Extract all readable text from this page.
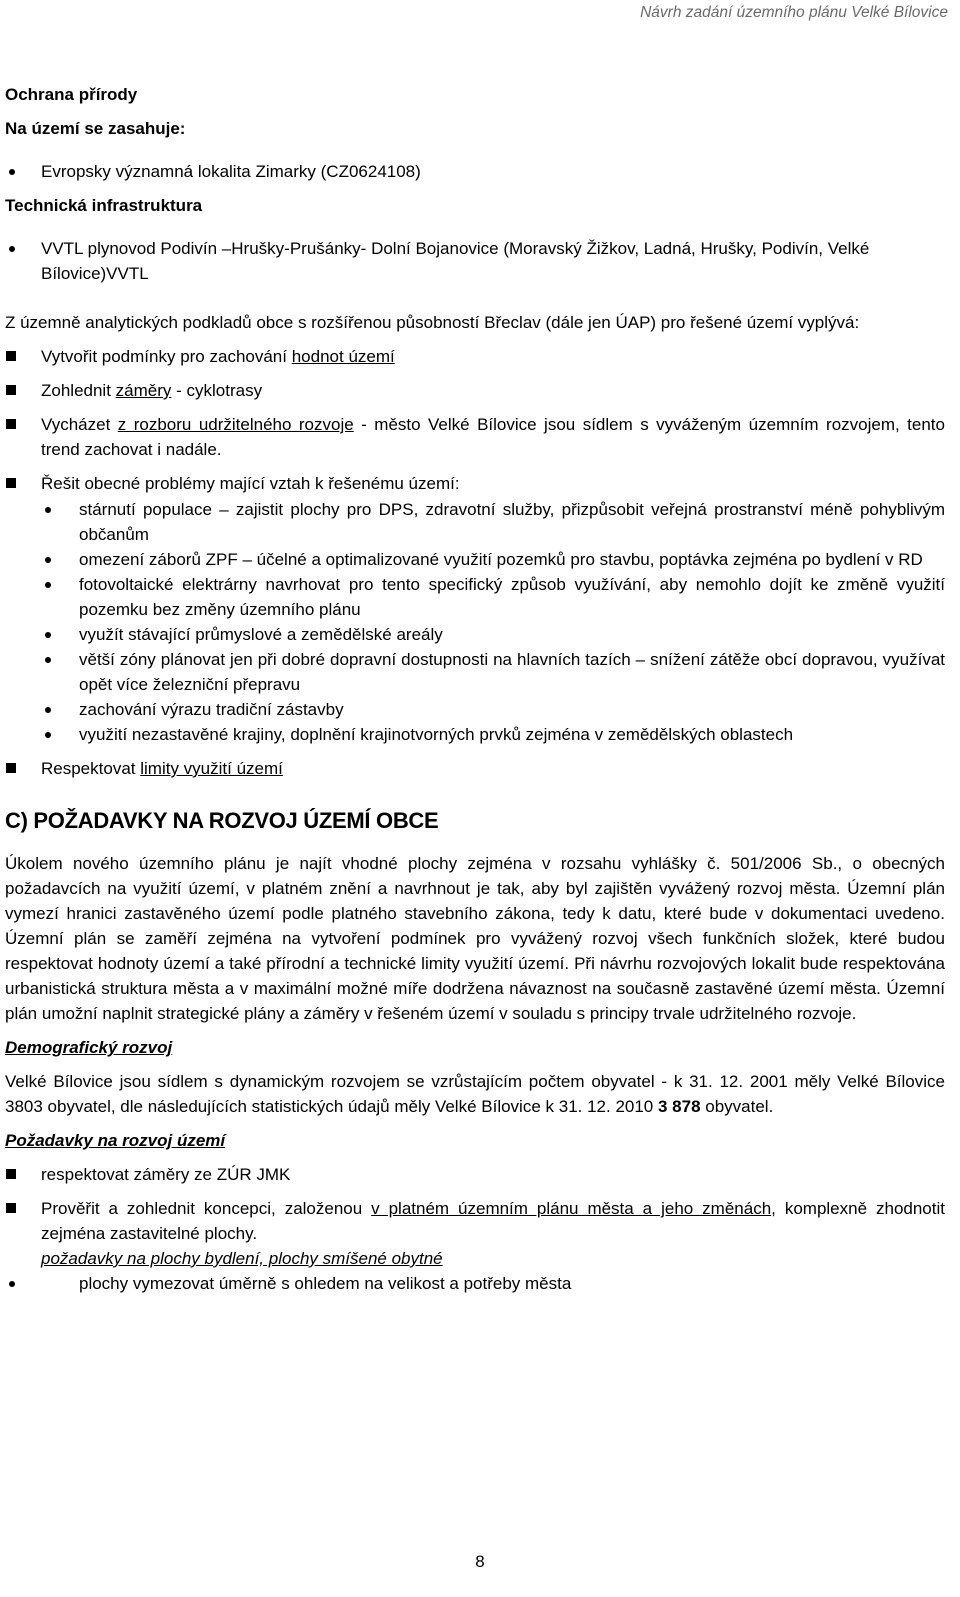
Návrh zadání územního plánu Velké Bílovice
Ochrana přírody
Na území se zasahuje:
Evropsky významná lokalita Zimarky (CZ0624108)
Technická infrastruktura
VVTL plynovod Podivín –Hrušky-Prušánky- Dolní Bojanovice (Moravský Žižkov, Ladná, Hrušky, Podivín, Velké Bílovice)VVTL
Z územně analytických podkladů obce s rozšířenou působností Břeclav (dále jen ÚAP) pro řešené území vyplývá:
Vytvořit podmínky pro zachování hodnot území
Zohlednit záměry - cyklotrasy
Vycházet z rozboru udržitelného rozvoje - město Velké Bílovice jsou sídlem s vyváženým územním rozvojem, tento trend zachovat i nadále.
Řešit obecné problémy mající vztah k řešenému území:
stárnutí populace – zajistit plochy pro DPS, zdravotní služby, přizpůsobit veřejná prostranství méně pohyblivým občanům
omezení záborů ZPF – účelné a optimalizované využití pozemků pro stavbu, poptávka zejména po bydlení v RD
fotovoltaické elektrárny navrhovat pro tento specifický způsob využívání, aby nemohlo dojít ke změně využití pozemku bez změny územního plánu
využít stávající průmyslové a zemědělské areály
větší zóny plánovat jen při dobré dopravní dostupnosti na hlavních tazích – snížení zátěže obcí dopravou, využívat opět více železniční přepravu
zachování výrazu tradiční zástavby
využití nezastavěné krajiny, doplnění krajinotvorných prvků zejména v zemědělských oblastech
Respektovat limity využití území
C) POŽADAVKY NA ROZVOJ ÚZEMÍ OBCE
Úkolem nového územního plánu je najít vhodné plochy zejména v rozsahu vyhlášky č. 501/2006 Sb., o obecných požadavcích na využití území, v platném znění a navrhnout je tak, aby byl zajištěn vyvážený rozvoj města. Územní plán vymezí hranici zastavěného území podle platného stavebního zákona, tedy k datu, které bude v dokumentaci uvedeno. Územní plán se zaměří zejména na vytvoření podmínek pro vyvážený rozvoj všech funkčních složek, které budou respektovat hodnoty území a také přírodní a technické limity využití území. Při návrhu rozvojových lokalit bude respektována urbanistická struktura města a v maximální možné míře dodržena návaznost na současně zastavěné území města. Územní plán umožní naplnit strategické plány a záměry v řešeném území v souladu s principy trvale udržitelného rozvoje.
Demografický rozvoj
Velké Bílovice jsou sídlem s dynamickým rozvojem se vzrůstajícím počtem obyvatel - k 31. 12. 2001 měly Velké Bílovice 3803 obyvatel, dle následujících statistických údajů měly Velké Bílovice k 31. 12. 2010 3 878 obyvatel.
Požadavky na rozvoj území
respektovat záměry ze ZÚR JMK
Prověřit a zohlednit koncepci, založenou v platném územním plánu města a jeho změnách, komplexně zhodnotit zejména zastavitelné plochy.
požadavky na plochy bydlení, plochy smíšené obytné
plochy vymezovat úměrně s ohledem na velikost a potřeby města
8
